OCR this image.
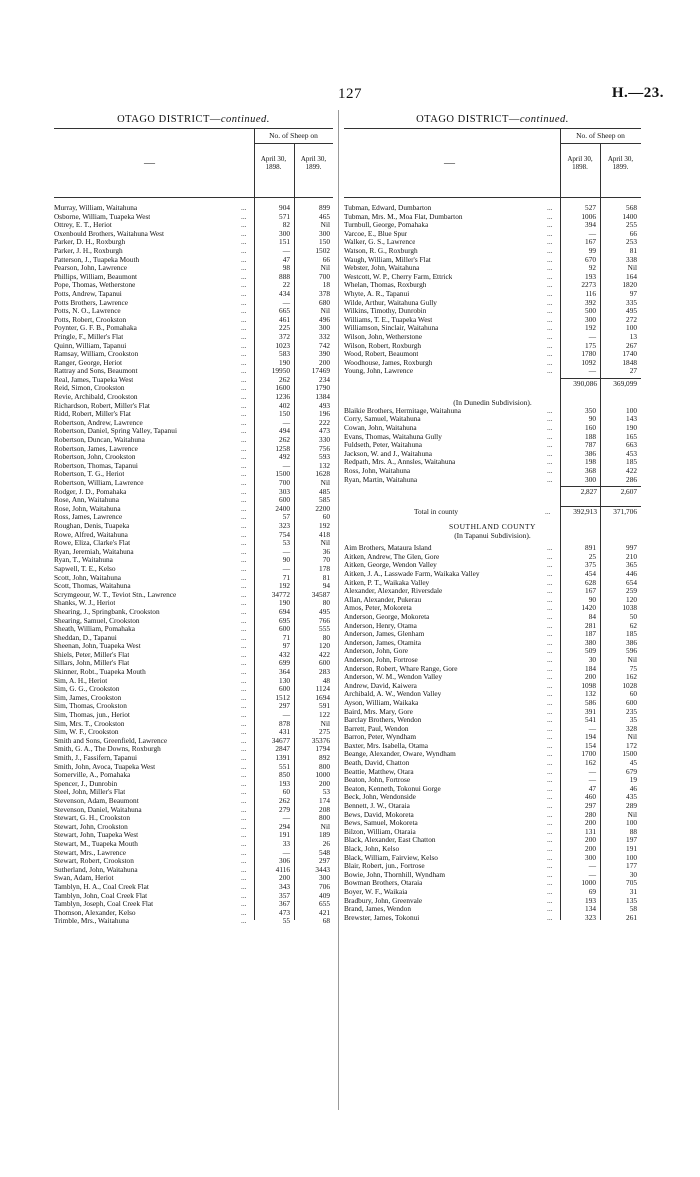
127	H.—23.
OTAGO DISTRICT—continued.
—
No. of Sheep on
April 30,
1898.
April 30,
1899.
Murray, William, Waitahuna	...	904	899
Osborne, William, Tuapeka West	...	571	465
Ottrey, E. T., Heriot	...	82	Nil
Oxenbould Brothers, Waitahuna West	...	300	300
Parker, D. H., Roxburgh	...	151	150
Parker, J. H., Roxburgh	...	—	1502
Patterson, J., Tuapeka Mouth	...	47	66
Pearson, John, Lawrence	...	98	Nil
Phillips, William, Beaumont	...	888	700
Pope, Thomas, Wetherstone	...	22	18
Potts, Andrew, Tapanui	...	434	378
Potts Brothers, Lawrence	...	—	680
Potts, N. O., Lawrence	...	665	Nil
Potts, Robert, Crookston	...	461	496
Poynter, G. F. B., Pomahaka	...	225	300
Pringle, F., Miller's Flat	...	372	332
Quinn, William, Tapanui	...	1023	742
Ramsay, William, Crookston	...	583	390
Ranger, George, Heriot	...	190	200
Rattray and Sons, Beaumont	...	19950	17469
Real, James, Tuapeka West	...	262	234
Reid, Simon, Crookston	...	1600	1790
Revie, Archibald, Crookston	...	1236	1384
Richardson, Robert, Miller's Flat	...	402	493
Ridd, Robert, Miller's Flat	...	150	196
Robertson, Andrew, Lawrence	...	—	222
Robertson, Daniel, Spring Valley, Tapanui	...	494	473
Robertson, Duncan, Waitahuna	...	262	330
Robertson, James, Lawrence	...	1258	756
Robertson, John, Crookston	...	492	593
Robertson, Thomas, Tapanui	...	—	132
Robertson, T. G., Heriot	...	1500	1628
Robertson, William, Lawrence	...	700	Nil
Rodger, J. D., Pomahaka	...	303	485
Rose, Ann, Waitahuna	...	600	585
Rose, John, Waitahuna	...	2400	2200
Ross, James, Lawrence	...	57	60
Roughan, Denis, Tuapeka	...	323	192
Rowe, Alfred, Waitahuna	...	754	418
Rowe, Eliza, Clarke's Flat	...	53	Nil
Ryan, Jeremiah, Waitahuna	...	—	36
Ryan, T., Waitahuna	...	90	70
Sapwell, T. E., Kelso	...	—	178
Scott, John, Waitahuna	...	71	81
Scott, Thomas, Waitahuna	...	192	94
Scrymgeour, W. T., Teviot Stn., Lawrence	...	34772	34587
Shanks, W. J., Heriot	...	190	80
Shearing, J., Springbank, Crookston	...	694	495
Shearing, Samuel, Crookston	...	695	766
Sheath, William, Pomahaka	...	600	555
Sheddan, D., Tapanui	...	71	80
Sheenan, John, Tuapeka West	...	97	120
Shiels, Peter, Miller's Flat	...	432	422
Sillars, John, Miller's Flat	...	699	600
Skinner, Robt., Tuapeka Mouth	...	364	283
Sim, A. H., Heriot	...	130	48
Sim, G. G., Crookston	...	600	1124
Sim, James, Crookston	...	1512	1694
Sim, Thomas, Crookston	...	297	591
Sim, Thomas, jun., Heriot	...	—	122
Sim, Mrs. T., Crookston	...	878	Nil
Sim, W. F., Crookston	...	431	275
Smith and Sons, Greenfield, Lawrence	...	34677	35376
Smith, G. A., The Downs, Roxburgh	...	2847	1794
Smith, J., Fassifern, Tapanui	...	1391	892
Smith, John, Avoca, Tuapeka West	...	551	800
Somerville, A., Pomahaka	...	850	1000
Spencer, J., Dunrobin	...	193	200
Steel, John, Miller's Flat	...	60	53
Stevenson, Adam, Beaumont	...	262	174
Stevenson, Daniel, Waitahuna	...	279	208
Stewart, G. H., Crookston	...	—	800
Stewart, John, Crookston	...	294	Nil
Stewart, John, Tuapeka West	...	191	189
Stewart, M., Tuapeka Mouth	...	33	26
Stewart, Mrs., Lawrence	...	—	548
Stewart, Robert, Crookston	...	306	297
Sutherland, John, Waitahuna	...	4116	3443
Swan, Adam, Heriot	...	200	300
Tamblyn, H. A., Coal Creek Flat	...	343	706
Tamblyn, John, Coal Creek Flat	...	357	409
Tamblyn, Joseph, Coal Creek Flat	...	367	655
Thomson, Alexander, Kelso	...	473	421
Trimble, Mrs., Waitahuna	...	55	68
OTAGO DISTRICT—continued.
—
No. of Sheep on
April 30,
1898.
April 30,
1899.
Tubman, Edward, Dumbarton	...	527	568
Tubman, Mrs. M., Moa Flat, Dumbarton	...	1006	1400
Turnbull, George, Pomahaka	...	394	255
Varcoe, E., Blue Spur	...	—	66
Walker, G. S., Lawrence	...	167	253
Watson, R. G., Roxburgh	...	99	81
Waugh, William, Miller's Flat	...	670	338
Webster, John, Waitahuna	...	92	Nil
Westcott, W. P., Cherry Farm, Ettrick	...	193	164
Whelan, Thomas, Roxburgh	...	2273	1820
Whyte, A. R., Tapanui	...	116	97
Wilde, Arthur, Waitahuna Gully	...	392	335
Wilkins, Timothy, Dunrobin	...	500	495
Williams, T. E., Tuapeka West	...	300	272
Williamson, Sinclair, Waitahuna	...	192	100
Wilson, John, Wetherstone	...	—	13
Wilson, Robert, Roxburgh	...	175	267
Wood, Robert, Beaumont	...	1780	1740
Woodhouse, James, Roxburgh	...	1092	1848
Young, John, Lawrence	...	—	27
390,086	369,099
(In Dunedin Subdivision).
Blaikie Brothers, Hermitage, Waitahuna	...	350	100
Corry, Samuel, Waitahuna	...	90	143
Cowan, John, Waitahuna	...	160	190
Evans, Thomas, Waitahuna Gully	...	188	165
Fuldseth, Peter, Waitahuna	...	787	663
Jackson, W. and J., Waitahuna	...	386	453
Redpath, Mrs. A., Annsles, Waitahuna	...	198	185
Ross, John, Waitahuna	...	368	422
Ryan, Martin, Waitahuna	...	300	286
2,827	2,607
Total in county	...	392,913	371,706
SOUTHLAND COUNTY
(In Tapanui Subdivision).
Aim Brothers, Mataura Island	...	891	997
Aitken, Andrew, The Glen, Gore	...	25	210
Aitken, George, Wendon Valley	...	375	365
Aitken, J. A., Lasswade Farm, Waikaka Valley	...	454	446
Aitken, P. T., Waikaka Valley	...	628	654
Alexander, Alexander, Riversdale	...	167	259
Allan, Alexander, Pukerau	...	90	120
Amos, Peter, Mokoreta	...	1420	1038
Anderson, George, Mokoreta	...	84	50
Anderson, Henry, Otama	...	281	62
Anderson, James, Glenham	...	187	185
Anderson, James, Otamita	...	380	386
Anderson, John, Gore	...	509	596
Anderson, John, Fortrose	...	30	Nil
Anderson, Robert, Whare Range, Gore	...	184	75
Anderson, W. M., Wendon Valley	...	200	162
Andrew, David, Kaiwera	...	1098	1028
Archibald, A. W., Wendon Valley	...	132	60
Ayson, William, Waikaka	...	586	600
Baird, Mrs. Mary, Gore	...	391	235
Barclay Brothers, Wendon	...	541	35
Barrett, Paul, Wendon	...	—	328
Barron, Peter, Wyndham	...	194	Nil
Baxter, Mrs. Isabella, Otama	...	154	172
Beange, Alexander, Oware, Wyndham	...	1700	1500
Beath, David, Chatton	...	162	45
Beattie, Matthew, Otara	...	—	679
Beaton, John, Fortrose	...	—	19
Beaton, Kenneth, Tokonui Gorge	...	47	46
Beck, John, Wendonside	...	460	435
Bennett, J. W., Otaraia	...	297	289
Bews, David, Mokoreta	...	280	Nil
Bews, Samuel, Mokoreta	...	200	100
Bilzon, William, Otaraia	...	131	88
Black, Alexander, East Chatton	...	200	197
Black, John, Kelso	...	200	191
Black, William, Fairview, Kelso	...	300	100
Blair, Robert, jun., Fortrose	...	—	177
Bowie, John, Thornhill, Wyndham	...	—	30
Bowman Brothers, Otaraia	...	1000	705
Boyer, W. F., Waikaia	...	69	31
Bradbury, John, Greenvale	...	193	135
Brand, James, Wendon	...	134	58
Brewster, James, Tokonui	...	323	261
